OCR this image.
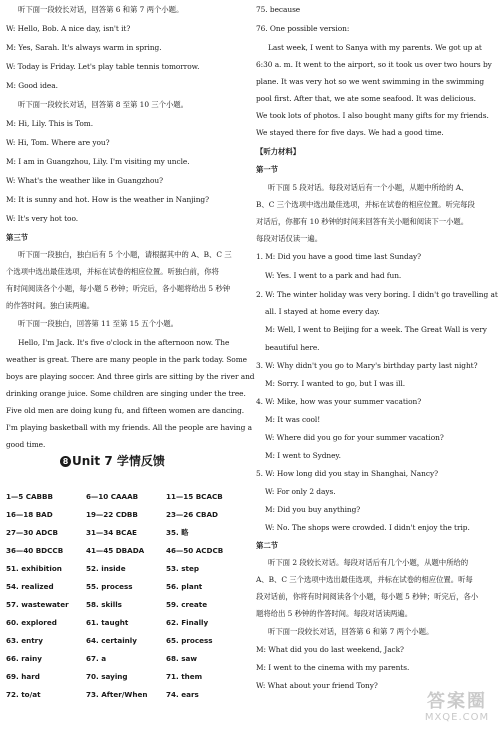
听下面一段较长对话，回答第 6 和第 7 两个小题。
W: Hello, Bob. A nice day, isn't it?
M: Yes, Sarah. It's always warm in spring.
W: Today is Friday. Let's play table tennis tomorrow.
M: Good idea.
听下面一段较长对话，回答第 8 至第 10 三个小题。
M: Hi, Lily. This is Tom.
W: Hi, Tom. Where are you?
M: I am in Guangzhou, Lily. I'm visiting my uncle.
W: What's the weather like in Guangzhou?
M: It is sunny and hot. How is the weather in Nanjing?
W: It's very hot too.
第三节
听下面一段独白，独白后有 5 个小题，请根据其中的 A、B、C 三
个选项中选出最佳选项，并标在试卷的相应位置。听独白前，你将
有时间阅读各个小题，每小题 5 秒钟；听完后，各小题将给出 5 秒钟
的作答时间。独白读两遍。
听下面一段独白，回答第 11 至第 15 五个小题。
Hello, I'm Jack. It's five o'clock in the afternoon now. The
weather is great. There are many people in the park today. Some
boys are playing soccer. And three girls are sitting by the river and
drinking orange juice. Some children are singing under the tree.
Five old men are doing kung fu, and fifteen women are dancing.
I'm playing basketball with my friends. All the people are having a
good time.
8 Unit 7 学情反馈
1—5 CABBB	6—10 CAAAB	11—15 BCACB
16—18 BAD	19—22 CDBB	23—26 CBAD
27—30 ADCB	31—34 BCAE	35. 略
36—40 BDCCB	41—45 DBADA	46—50 ACDCB
51. exhibition	52. inside	53. step
54. realized	55. process	56. plant
57. wastewater 58. skills	59. create
60. explored	61. taught	62. Finally
63. entry	64. certainly	65. process
66. rainy	67. a	68. saw
69. hard	70. saying	71. them
72. to/at	73. After/When	74. ears
75. because
76. One possible version:
Last week, I went to Sanya with my parents. We got up at
6:30 a. m. It went to the airport, so it took us over two hours by
plane. It was very hot so we went swimming in the swimming
pool first. After that, we ate some seafood. It was delicious.
We took lots of photos. I also bought many gifts for my friends.
We stayed there for five days. We had a good time.
【听力材料】
第一节
听下面 5 段对话。每段对话后有一个小题，从题中所给的 A、
B、C 三个选项中选出最佳选项，并标在试卷的相应位置。听完每段
对话后，你都有 10 秒钟的时间来回答有关小题和阅读下一小题。
每段对话仅读一遍。
1. M: Did you have a good time last Sunday?
W: Yes. I went to a park and had fun.
2. W: The winter holiday was very boring. I didn't go travelling at
all. I stayed at home every day.
M: Well, I went to Beijing for a week. The Great Wall is very
beautiful here.
3. W: Why didn't you go to Mary's birthday party last night?
M: Sorry. I wanted to go, but I was ill.
4. W: Mike, how was your summer vacation?
M: It was cool!
W: Where did you go for your summer vacation?
M: I went to Sydney.
5. W: How long did you stay in Shanghai, Nancy?
W: For only 2 days.
M: Did you buy anything?
W: No. The shops were crowded. I didn't enjoy the trip.
第二节
听下面 2 段较长对话。每段对话后有几个小题，从题中所给的
A、B、C 三个选项中选出最佳选项，并标在试卷的相应位置。听每
段对话前，你将有时间阅读各个小题，每小题 5 秒钟；听完后，各小
题将给出 5 秒钟的作答时间。每段对话读两遍。
听下面一段较长对话，回答第 6 和第 7 两个小题。
M: What did you do last weekend, Jack?
M: I went to the cinema with my parents.
W: What about your friend Tony?
答案圈
MXQE.COM
